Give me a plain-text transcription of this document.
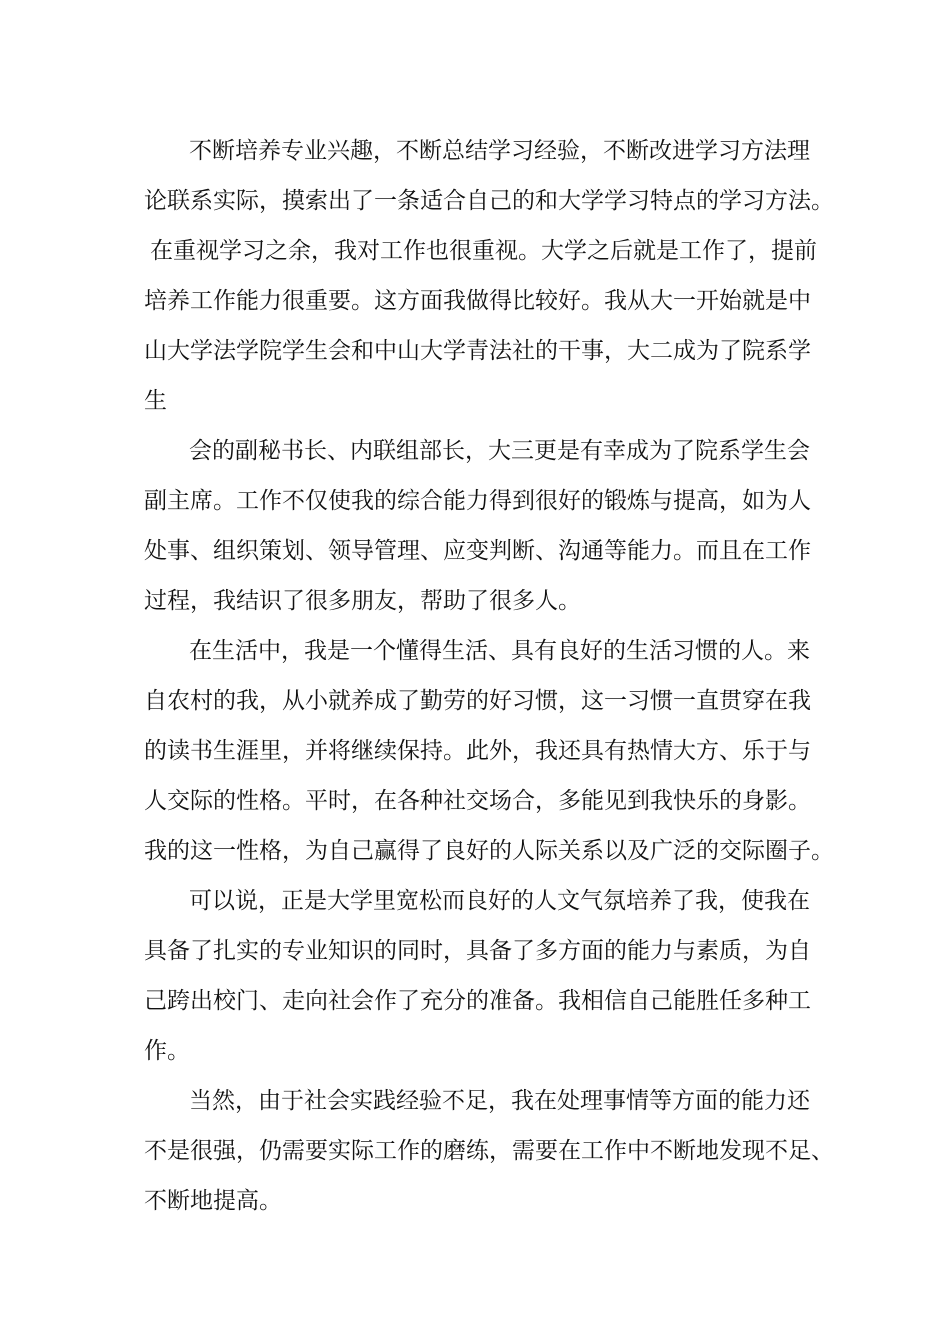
不断培养专业兴趣，不断总结学习经验，不断改进学习方法理
论联系实际，摸索出了一条适合自己的和大学学习特点的学习方法。
在重视学习之余，我对工作也很重视。大学之后就是工作了，提前
培养工作能力很重要。这方面我做得比较好。我从大一开始就是中
山大学法学院学生会和中山大学青法社的干事，大二成为了院系学
生
会的副秘书长、内联组部长，大三更是有幸成为了院系学生会
副主席。工作不仅使我的综合能力得到很好的锻炼与提高，如为人
处事、组织策划、领导管理、应变判断、沟通等能力。而且在工作
过程，我结识了很多朋友，帮助了很多人。
在生活中，我是一个懂得生活、具有良好的生活习惯的人。来
自农村的我，从小就养成了勤劳的好习惯，这一习惯一直贯穿在我
的读书生涯里，并将继续保持。此外，我还具有热情大方、乐于与
人交际的性格。平时，在各种社交场合，多能见到我快乐的身影。
我的这一性格，为自己赢得了良好的人际关系以及广泛的交际圈子。
可以说，正是大学里宽松而良好的人文气氛培养了我，使我在
具备了扎实的专业知识的同时，具备了多方面的能力与素质，为自
己跨出校门、走向社会作了充分的准备。我相信自己能胜任多种工
作。
当然，由于社会实践经验不足，我在处理事情等方面的能力还
不是很强，仍需要实际工作的磨练，需要在工作中不断地发现不足、
不断地提高。
